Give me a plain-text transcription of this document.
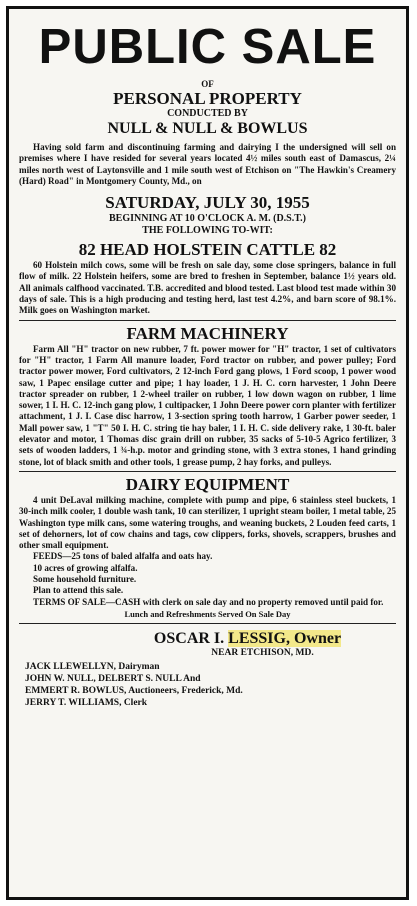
PUBLIC SALE
OF
PERSONAL PROPERTY
CONDUCTED BY
NULL & NULL & BOWLUS
Having sold farm and discontinuing farming and dairying I the undersigned will sell on premises where I have resided for several years located 4½ miles south east of Damascus, 2¼ miles north west of Laytonsville and 1 mile south west of Etchison on "The Hawkin's Creamery (Hard) Road" in Montgomery County, Md., on
SATURDAY, JULY 30, 1955
BEGINNING AT 10 O'CLOCK A. M. (D.S.T.)
THE FOLLOWING TO-WIT:
82 HEAD HOLSTEIN CATTLE 82
60 Holstein milch cows, some will be fresh on sale day, some close springers, balance in full flow of milk. 22 Holstein heifers, some are bred to freshen in September, balance 1½ years old. All animals calfhood vaccinated. T.B. accredited and blood tested. Last blood test made within 30 days of sale. This is a high producing and testing herd, last test 4.2%, and barn score of 98.1%. Milk goes on Washington market.
FARM MACHINERY
Farm All "H" tractor on new rubber, 7 ft. power mower for "H" tractor, 1 set of cultivators for "H" tractor, 1 Farm All manure loader, Ford tractor on rubber, and power pulley; Ford tractor power mower, Ford cultivators, 2 12-inch Ford gang plows, 1 Ford scoop, 1 power wood saw, 1 Papec ensilage cutter and pipe; 1 hay loader, 1 J. H. C. corn harvester, 1 John Deere tractor spreader on rubber, 1 2-wheel trailer on rubber, 1 low down wagon on rubber, 1 lime sower, 1 I. H. C. 12-inch gang plow, 1 cultipacker, 1 John Deere power corn planter with fertilizer attachment, 1 J. I. Case disc harrow, 1 3-section spring tooth harrow, 1 Garber power seeder, 1 Mall power saw, 1 "T" 50 I. H. C. string tie hay baler, 1 I. H. C. side delivery rake, 1 30-ft. baler elevator and motor, 1 Thomas disc grain drill on rubber, 35 sacks of 5-10-5 Agrico fertilizer, 3 sets of wooden ladders, 1 ¾-h.p. motor and grinding stone, with 3 extra stones, 1 hand grinding stone, lot of black smith and other tools, 1 grease pump, 2 hay forks, and pulleys.
DAIRY EQUIPMENT
4 unit DeLaval milking machine, complete with pump and pipe, 6 stainless steel buckets, 1 30-inch milk cooler, 1 double wash tank, 10 can sterilizer, 1 upright steam boiler, 1 metal table, 25 Washington type milk cans, some watering troughs, and weaning buckets, 2 Louden feed carts, 1 set of dehorners, lot of cow chains and tags, cow clippers, forks, shovels, scrappers, brushes and other small equipment.
FEEDS—25 tons of baled alfalfa and oats hay.
10 acres of growing alfalfa.
Some household furniture.
Plan to attend this sale.
TERMS OF SALE—CASH with clerk on sale day and no property removed until paid for.
Lunch and Refreshments Served On Sale Day
OSCAR I. LESSIG, Owner
NEAR ETCHISON, MD.
JACK LLEWELLYN, Dairyman
JOHN W. NULL, DELBERT S. NULL And
EMMERT R. BOWLUS, Auctioneers, Frederick, Md.
JERRY T. WILLIAMS, Clerk
